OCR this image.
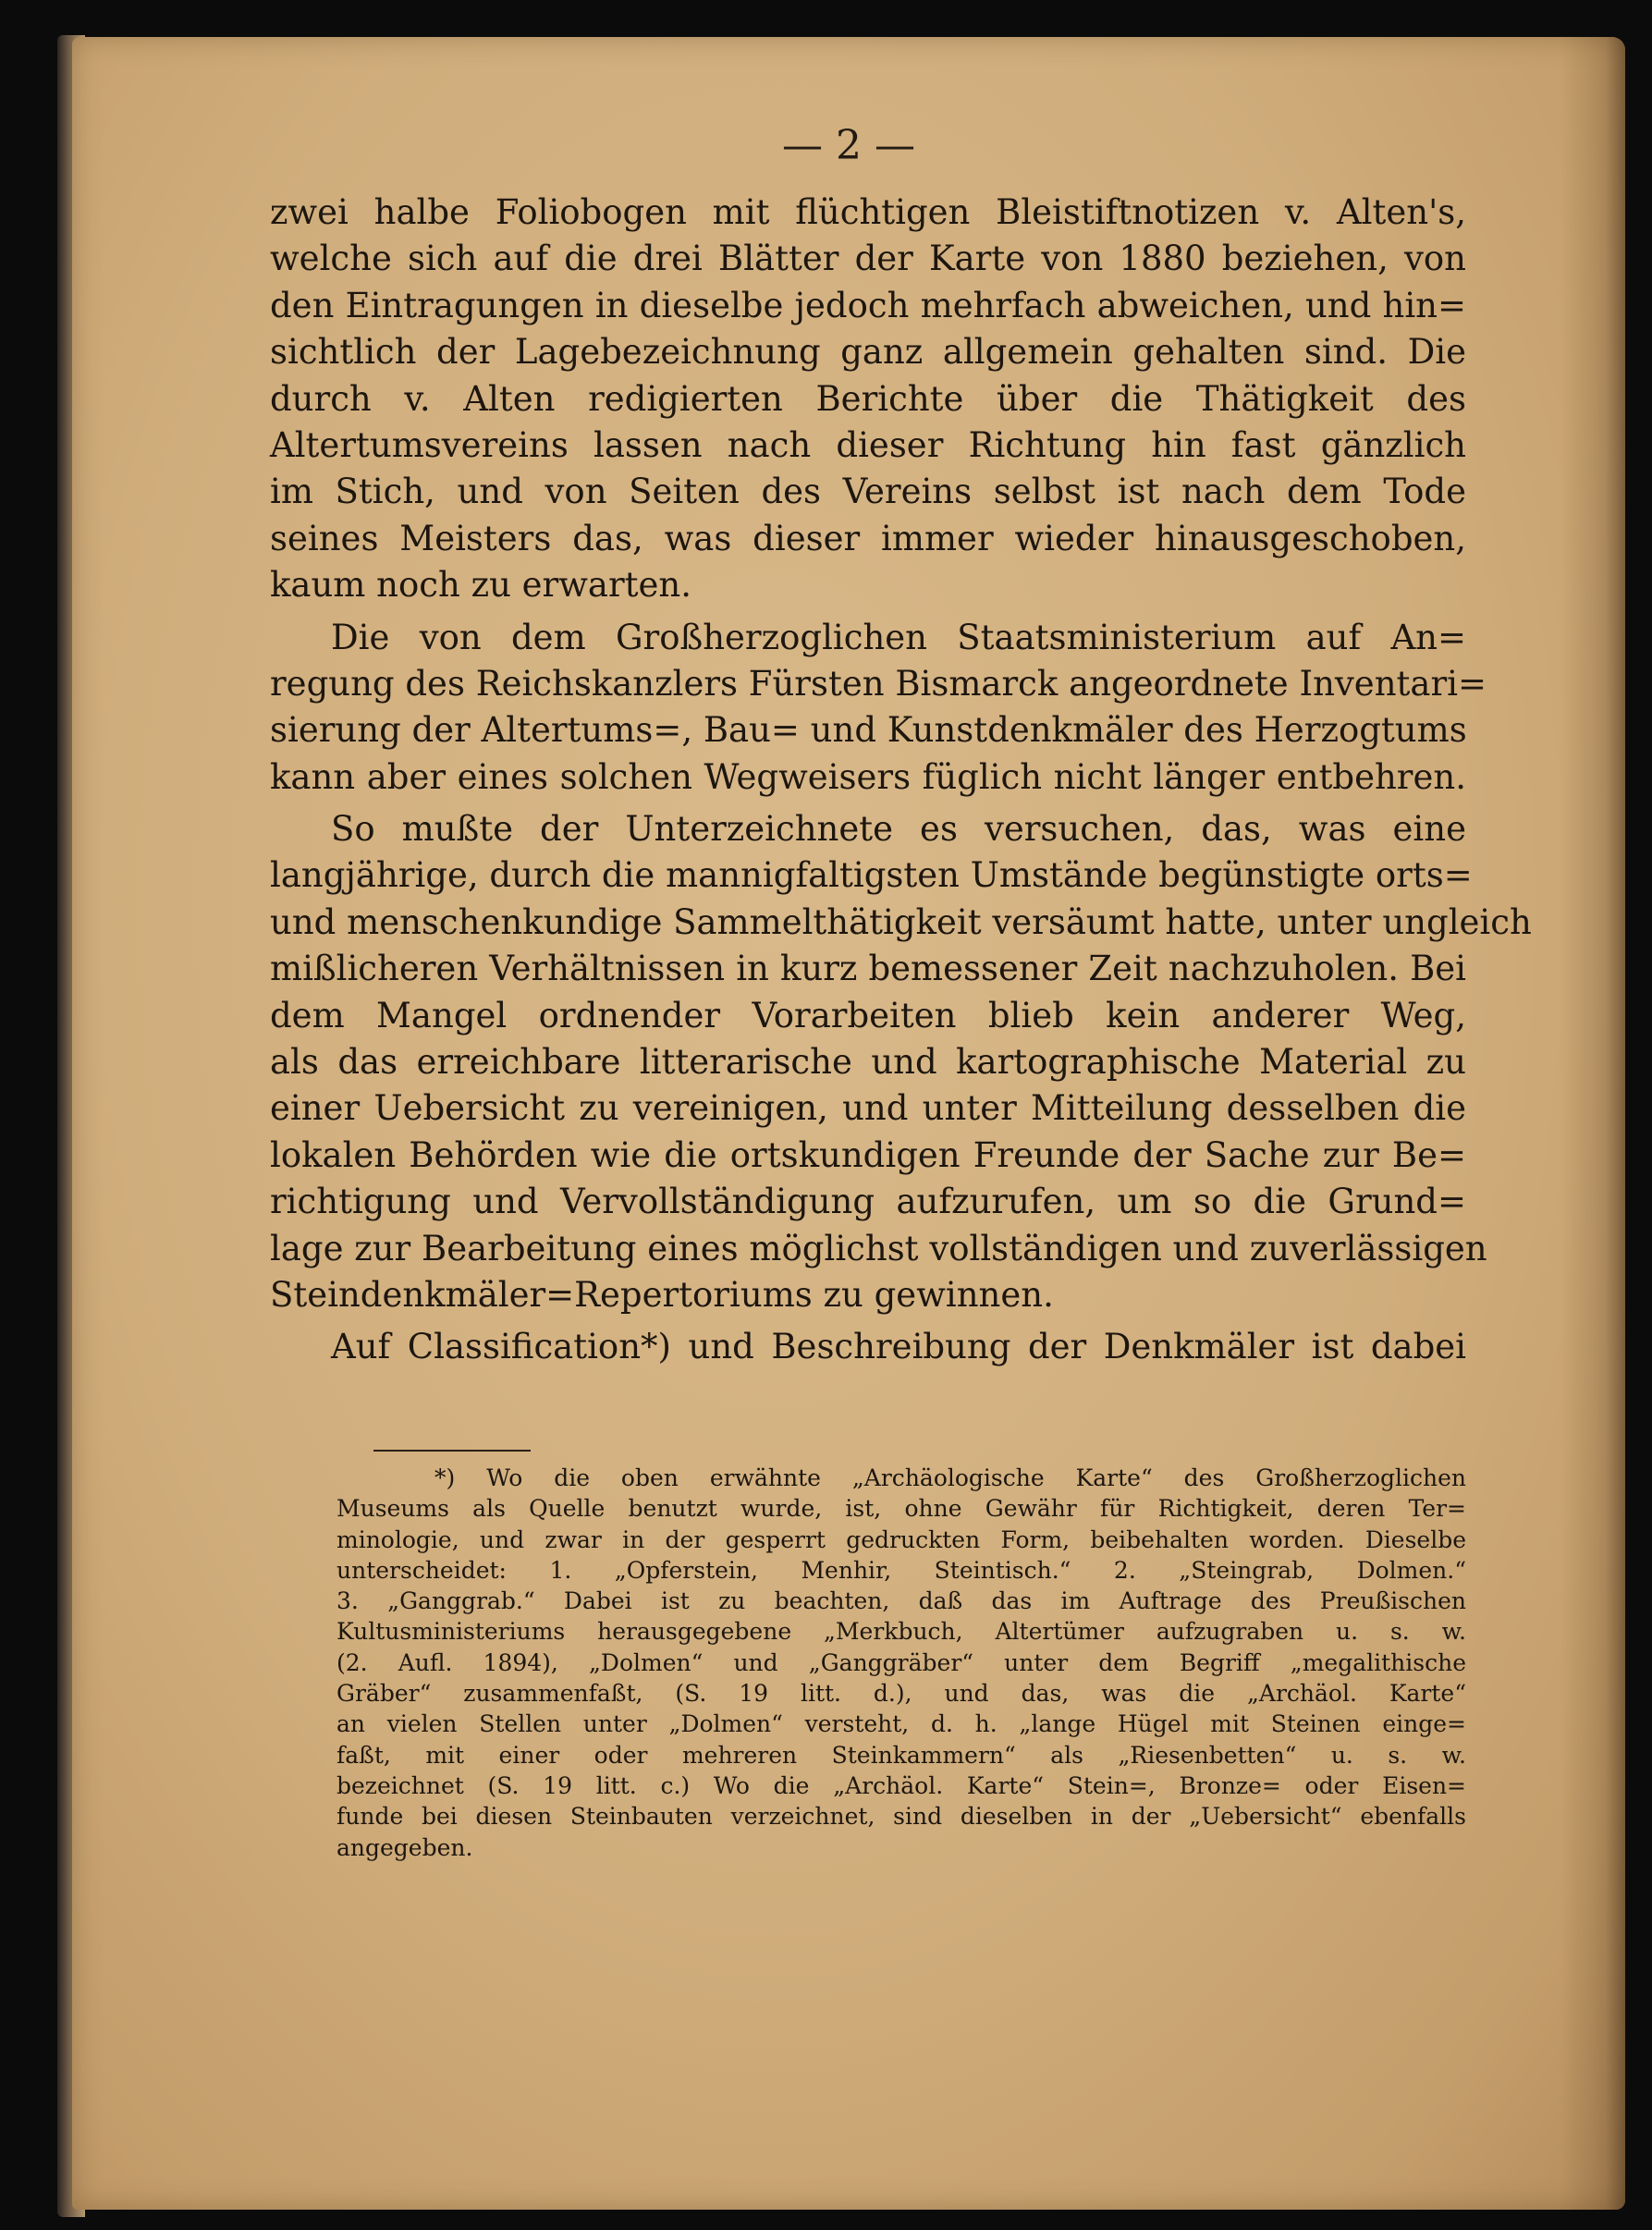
— 2 —
zwei halbe Foliobogen mit flüchtigen Bleistiftnotizen v. Alten's,
welche sich auf die drei Blätter der Karte von 1880 beziehen, von
den Eintragungen in dieselbe jedoch mehrfach abweichen, und hin=
sichtlich der Lagebezeichnung ganz allgemein gehalten sind. Die
durch v. Alten redigierten Berichte über die Thätigkeit des
Altertumsvereins lassen nach dieser Richtung hin fast gänzlich
im Stich, und von Seiten des Vereins selbst ist nach dem Tode
seines Meisters das, was dieser immer wieder hinausgeschoben,
kaum noch zu erwarten.
Die von dem Großherzoglichen Staatsministerium auf An=
regung des Reichskanzlers Fürsten Bismarck angeordnete Inventari=
sierung der Altertums=, Bau= und Kunstdenkmäler des Herzogtums
kann aber eines solchen Wegweisers füglich nicht länger entbehren.
So mußte der Unterzeichnete es versuchen, das, was eine
langjährige, durch die mannigfaltigsten Umstände begünstigte orts=
und menschenkundige Sammelthätigkeit versäumt hatte, unter ungleich
mißlicheren Verhältnissen in kurz bemessener Zeit nachzuholen. Bei
dem Mangel ordnender Vorarbeiten blieb kein anderer Weg,
als das erreichbare litterarische und kartographische Material zu
einer Uebersicht zu vereinigen, und unter Mitteilung desselben die
lokalen Behörden wie die ortskundigen Freunde der Sache zur Be=
richtigung und Vervollständigung aufzurufen, um so die Grund=
lage zur Bearbeitung eines möglichst vollständigen und zuverlässigen
Steindenkmäler=Repertoriums zu gewinnen.
Auf Classification*) und Beschreibung der Denkmäler ist dabei
*) Wo die oben erwähnte „Archäologische Karte“ des Großherzoglichen
Museums als Quelle benutzt wurde, ist, ohne Gewähr für Richtigkeit, deren Ter=
minologie, und zwar in der gesperrt gedruckten Form, beibehalten worden. Dieselbe
unterscheidet: 1. „Opferstein, Menhir, Steintisch.“ 2. „Steingrab, Dolmen.“
3. „Ganggrab.“ Dabei ist zu beachten, daß das im Auftrage des Preußischen
Kultusministeriums herausgegebene „Merkbuch, Altertümer aufzugraben u. s. w.
(2. Aufl. 1894), „Dolmen“ und „Ganggräber“ unter dem Begriff „megalithische
Gräber“ zusammenfaßt, (S. 19 litt. d.), und das, was die „Archäol. Karte“
an vielen Stellen unter „Dolmen“ versteht, d. h. „lange Hügel mit Steinen einge=
faßt, mit einer oder mehreren Steinkammern“ als „Riesenbetten“ u. s. w.
bezeichnet (S. 19 litt. c.) Wo die „Archäol. Karte“ Stein=, Bronze= oder Eisen=
funde bei diesen Steinbauten verzeichnet, sind dieselben in der „Uebersicht“ ebenfalls
angegeben.
